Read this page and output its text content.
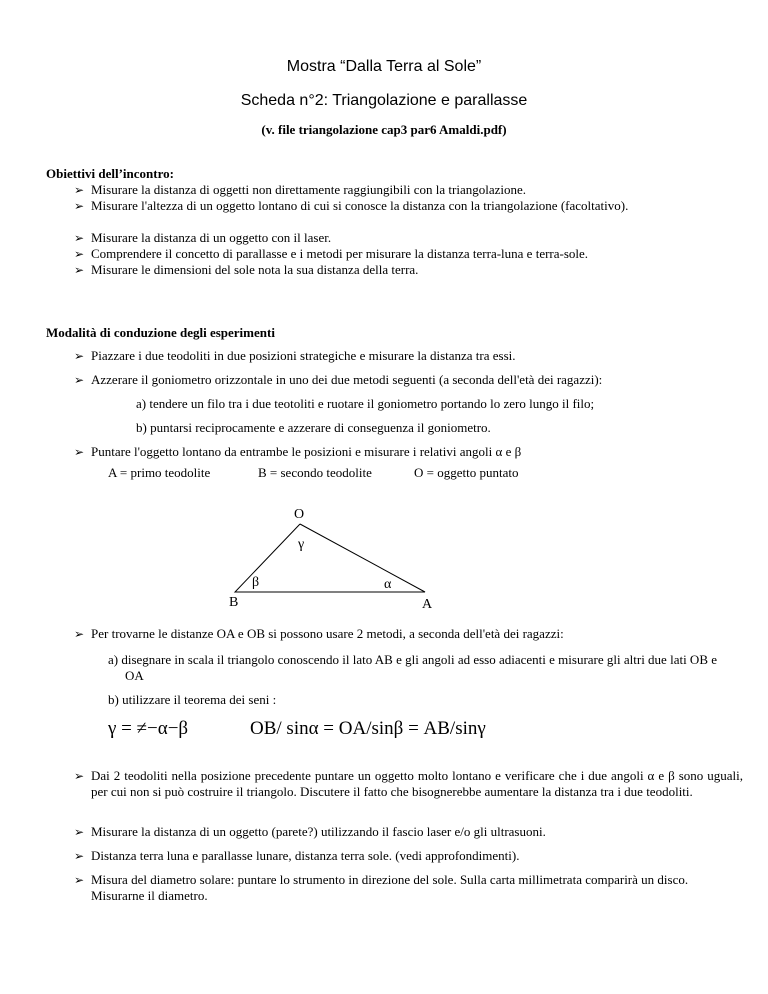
Mostra “Dalla Terra al Sole”
Scheda n°2: Triangolazione e parallasse
(v. file triangolazione cap3 par6 Amaldi.pdf)
Obiettivi dell’incontro:
➢ Misurare la distanza di oggetti non direttamente raggiungibili con la triangolazione.
➢ Misurare l'altezza di un oggetto lontano di cui si conosce la distanza con la triangolazione (facoltativo).
➢ Misurare la distanza di un oggetto con il laser.
➢ Comprendere il concetto di parallasse e i metodi per misurare la distanza terra-luna e terra-sole.
➢ Misurare le dimensioni del sole nota la sua distanza della terra.
Modalità di conduzione degli esperimenti
➢ Piazzare i due teodoliti in due posizioni strategiche e misurare la distanza tra essi.
➢ Azzerare il goniometro orizzontale in uno dei due metodi seguenti (a seconda dell'età dei ragazzi):
a) tendere un filo tra i due teotoliti e ruotare il goniometro portando lo zero lungo il filo;
b) puntarsi reciprocamente e azzerare di conseguenza il goniometro.
➢ Puntare l'oggetto lontano da entrambe le posizioni e misurare i relativi angoli α e β
A = primo teodolite	B = secondo teodolite	O = oggetto puntato
O
γ
β	α
B	A
➢ Per trovarne le distanze OA e OB si possono usare 2 metodi, a seconda dell'età dei ragazzi:
a) disegnare in scala il triangolo conoscendo il lato AB e gli angoli ad esso adiacenti e misurare gli altri due lati OB e OA
b) utilizzare il teorema dei seni :
γ = ≠−α−β	OB/ sinα = OA/sinβ = AB/sinγ
➢ Dai 2 teodoliti nella posizione precedente puntare un oggetto molto lontano e verificare che i due angoli α e β sono uguali, per cui non si può costruire il triangolo. Discutere il fatto che bisognerebbe aumentare la distanza tra i due teodoliti.
➢ Misurare la distanza di un oggetto (parete?) utilizzando il fascio laser e/o gli ultrasuoni.
➢ Distanza terra luna e parallasse lunare, distanza terra sole. (vedi approfondimenti).
➢ Misura del diametro solare: puntare lo strumento in direzione del sole. Sulla carta millimetrata comparirà un disco. Misurarne il diametro.
